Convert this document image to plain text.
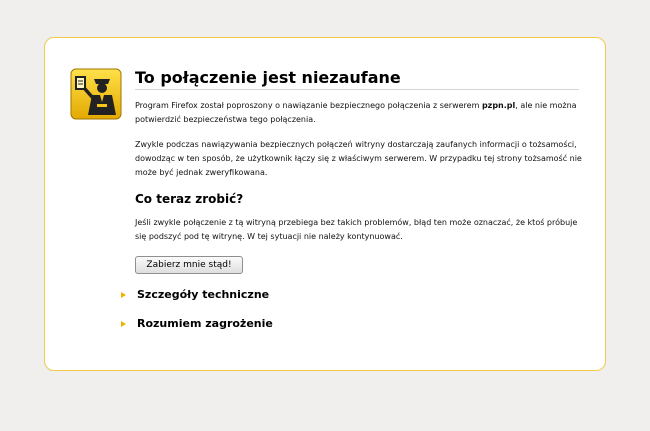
To połączenie jest niezaufane

Program Firefox został poproszony o nawiązanie bezpiecznego połączenia z serwerem pzpn.pl, ale nie można potwierdzić bezpieczeństwa tego połączenia.

Zwykle podczas nawiązywania bezpiecznych połączeń witryny dostarczają zaufanych informacji o tożsamości, dowodząc w ten sposób, że użytkownik łączy się z właściwym serwerem. W przypadku tej strony tożsamość nie może być jednak zweryfikowana.

Co teraz zrobić?

Jeśli zwykle połączenie z tą witryną przebiega bez takich problemów, błąd ten może oznaczać, że ktoś próbuje się podszyć pod tę witrynę. W tej sytuacji nie należy kontynuować.

Zabierz mnie stąd!
Szczegóły techniczne
Rozumiem zagrożenie
